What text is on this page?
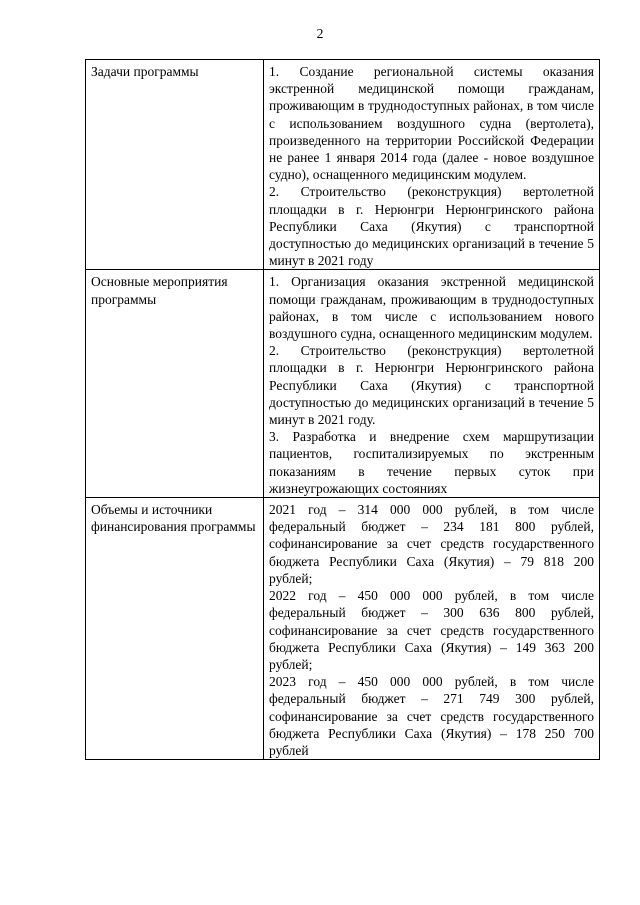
2
Задачи программы	1. Создание региональной системы оказания экстренной медицинской помощи гражданам, проживающим в труднодоступных районах, в том числе с использованием воздушного судна (вертолета), произведенного на территории Российской Федерации не ранее 1 января 2014 года (далее - новое воздушное судно), оснащенного медицинским модулем.

2. Строительство (реконструкция) вертолетной площадки в г. Нерюнгри Нерюнгринского района Республики Саха (Якутия) с транспортной доступностью до медицинских организаций в течение 5 минут в 2021 году

Основные мероприятия программы	1. Организация оказания экстренной медицинской помощи гражданам, проживающим в труднодоступных районах, в том числе с использованием нового воздушного судна, оснащенного медицинским модулем.

2. Строительство (реконструкция) вертолетной площадки в г. Нерюнгри Нерюнгринского района Республики Саха (Якутия) с транспортной доступностью до медицинских организаций в течение 5 минут в 2021 году.

3. Разработка и внедрение схем маршрутизации пациентов, госпитализируемых по экстренным показаниям в течение первых суток при жизнеугрожающих состояниях

Объемы и источники финансирования программы	2021 год – 314 000 000 рублей, в том числе федеральный бюджет – 234 181 800 рублей, софинансирование за счет средств государственного бюджета Республики Саха (Якутия) – 79 818 200 рублей;

2022 год – 450 000 000 рублей, в том числе федеральный бюджет – 300 636 800 рублей, софинансирование за счет средств государственного бюджета Республики Саха (Якутия) – 149 363 200 рублей;

2023 год – 450 000 000 рублей, в том числе федеральный бюджет – 271 749 300 рублей, софинансирование за счет средств государственного бюджета Республики Саха (Якутия) – 178 250 700 рублей
